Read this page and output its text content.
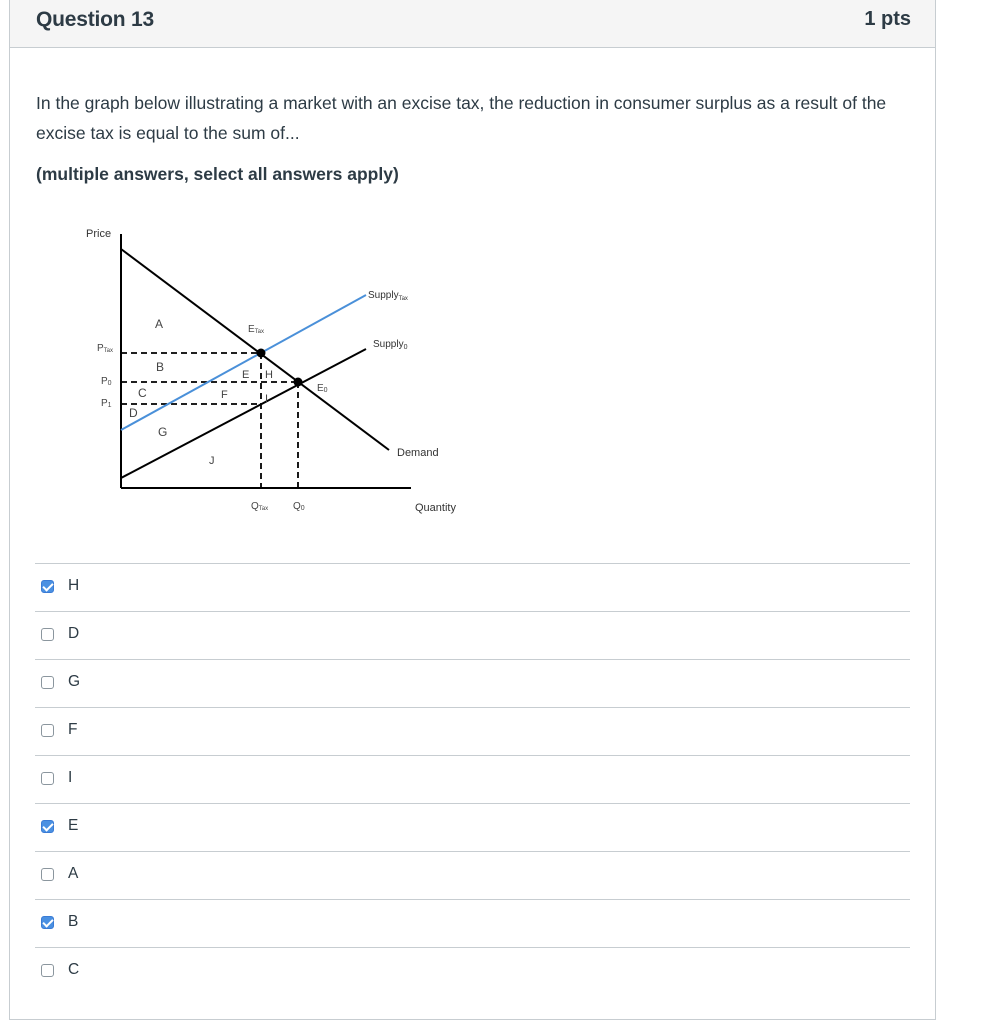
Question 13	1 pts
In the graph below illustrating a market with an excise tax, the reduction in consumer surplus as a result of the excise tax is equal to the sum of...
(multiple answers, select all answers apply)
Price
Quantity
PTax
P0
P1
QTax Q0
Supply$_{Tax}$
Supply$_0$
Demand
ETax
E0
A
B
C
D
G
F
E H
I
J
H
D
G
F
I
E
A
B
C
